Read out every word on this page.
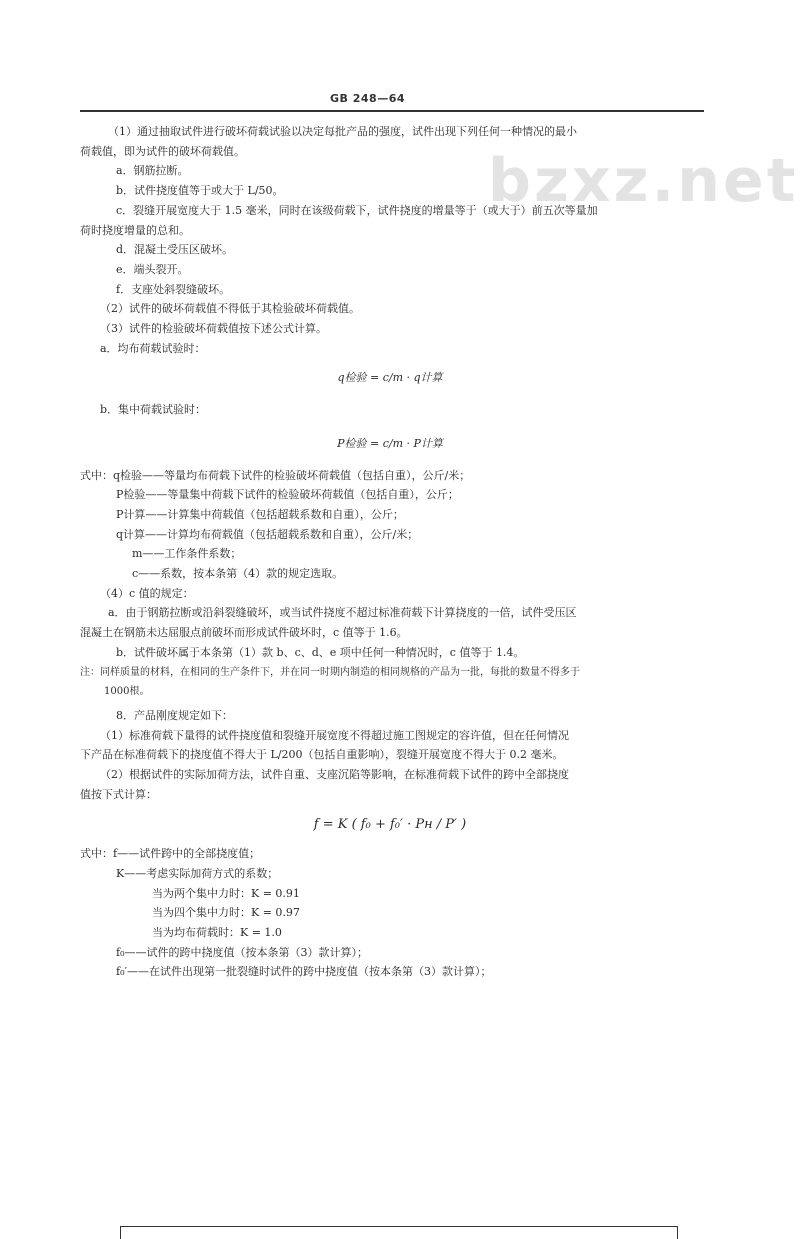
GB 248—64
bzxz.net

（1）通过抽取试件进行破坏荷载试验以决定每批产品的强度，试件出现下列任何一种情况的最小

荷载值，即为试件的破坏荷载值。

a．钢筋拉断。

b．试件挠度值等于或大于 L/50。

c．裂缝开展宽度大于 1.5 毫米，同时在该级荷载下，试件挠度的增量等于（或大于）前五次等量加

荷时挠度增量的总和。

d．混凝土受压区破坏。

e．端头裂开。

f．支座处斜裂缝破坏。

（2）试件的破坏荷载值不得低于其检验破坏荷载值。

（3）试件的检验破坏荷载值按下述公式计算。

a．均布荷载试验时：

q检验 = c/m · q计算

b．集中荷载试验时：

P检验 = c/m · P计算

式中：q检验——等量均布荷载下试件的检验破坏荷载值（包括自重），公斤/米；

P检验——等量集中荷载下试件的检验破坏荷载值（包括自重），公斤；

P计算——计算集中荷载值（包括超载系数和自重），公斤；

q计算——计算均布荷载值（包括超载系数和自重），公斤/米；

m——工作条件系数；

c——系数，按本条第（4）款的规定选取。

（4）c 值的规定：

a．由于钢筋拉断或沿斜裂缝破坏，或当试件挠度不超过标准荷载下计算挠度的一倍，试件受压区

混凝土在钢筋未达屈服点前破坏而形成试件破坏时，c 值等于 1.6。

b．试件破坏属于本条第（1）款 b、c、d、e 项中任何一种情况时，c 值等于 1.4。

注：同样质量的材料，在相同的生产条件下，并在同一时期内制造的相同规格的产品为一批，每批的数量不得多于

1000根。

8．产品刚度规定如下：

（1）标准荷载下量得的试件挠度值和裂缝开展宽度不得超过施工图规定的容许值，但在任何情况

下产品在标准荷载下的挠度值不得大于 L/200（包括自重影响），裂缝开展宽度不得大于 0.2 毫米。

（2）根据试件的实际加荷方法，试件自重、支座沉陷等影响，在标准荷载下试件的跨中全部挠度

值按下式计算：

f = K ( f₀ + f₀′ · Pн / P′ )

式中：f——试件跨中的全部挠度值；

K——考虑实际加荷方式的系数；

当为两个集中力时：K = 0.91

当为四个集中力时：K = 0.97

当为均布荷载时：K = 1.0

f₀——试件的跨中挠度值（按本条第（3）款计算）；

f₀′——在试件出现第一批裂缝时试件的跨中挠度值（按本条第（3）款计算）；
